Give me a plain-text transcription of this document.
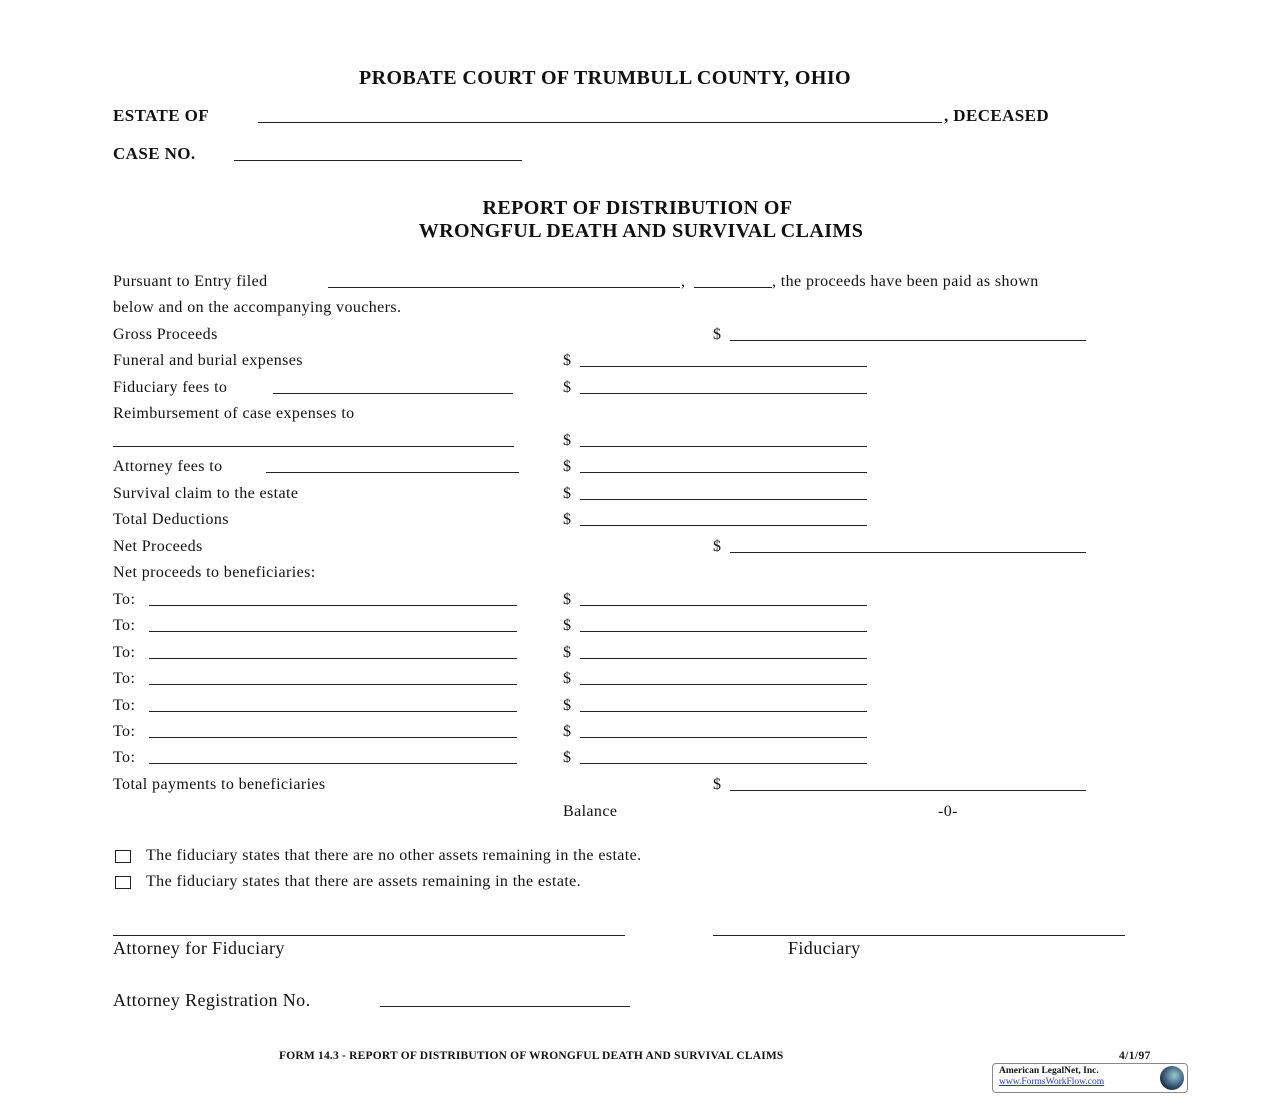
PROBATE COURT OF TRUMBULL COUNTY, OHIO
ESTATE OF	, DECEASED
CASE NO.
REPORT OF DISTRIBUTION OF
WRONGFUL DEATH AND SURVIVAL CLAIMS
Pursuant to Entry filed	,	, the proceeds have been paid as shown
below and on the accompanying vouchers.
The fiduciary states that there are no other assets remaining in the estate.
The fiduciary states that there are assets remaining in the estate.
Attorney for Fiduciary	Fiduciary
Attorney Registration No.
FORM 14.3 - REPORT OF DISTRIBUTION OF WRONGFUL DEATH AND SURVIVAL CLAIMS	4/1/97
American LegalNet, Inc.
www.FormsWorkFlow.com
Gross Proceeds	$
Funeral and burial expenses	$
Fiduciary fees to	$
Reimbursement of case expenses to
$
Attorney fees to	$
Survival claim to the estate	$
Total Deductions	$
Net Proceeds	$
Net proceeds to beneficiaries:
To:	$
To:	$
To:	$
To:	$
To:	$
To:	$
To:	$
Total payments to beneficiaries	$
Balance	-0-
